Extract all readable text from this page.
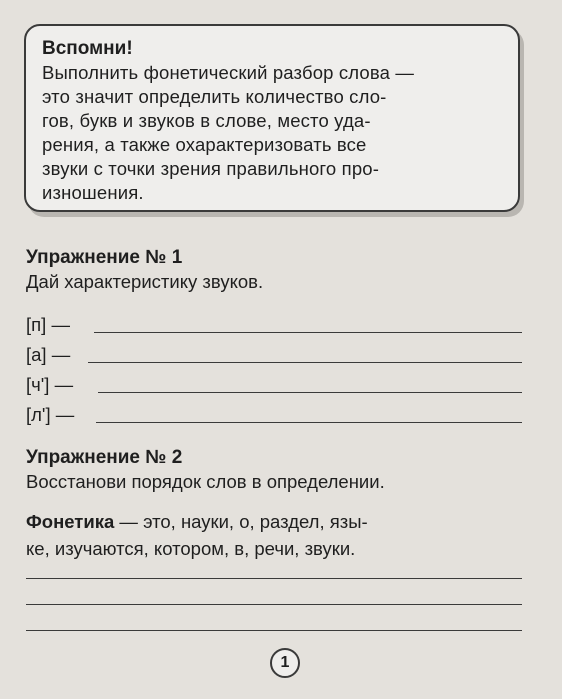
Вспомни!
Выполнить фонетический разбор слова —
это значит определить количество сло-
гов, букв и звуков в слове, место уда-
рения, а также охарактеризовать все
звуки с точки зрения правильного про-
изношения.
Упражнение № 1
Дай характеристику звуков.
[п] —
[а] —
[ч'] —
[л'] —
Упражнение № 2
Восстанови порядок слов в определении.
Фонетика — это, науки, о, раздел, язы-
ке, изучаются, котором, в, речи, звуки.
1
